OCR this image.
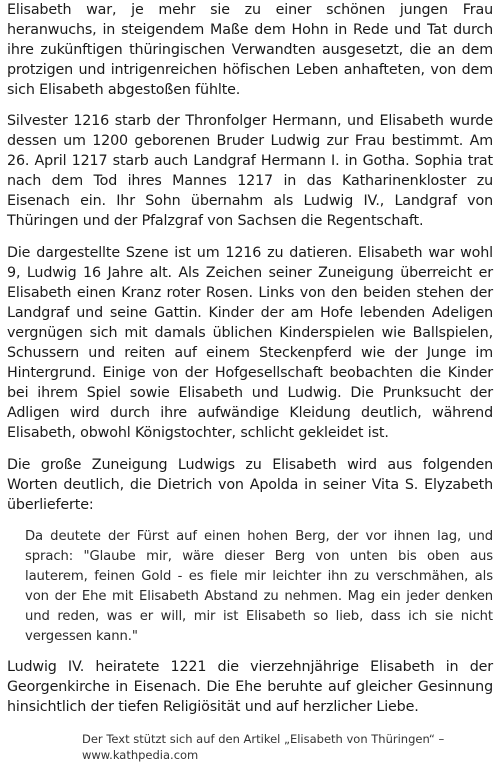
Elisabeth war, je mehr sie zu einer schönen jungen Frau heranwuchs, in steigendem Maße dem Hohn in Rede und Tat durch ihre zukünftigen thüringischen Verwandten ausgesetzt, die an dem protzigen und intrigenreichen höfischen Leben anhafteten, von dem sich Elisabeth abgestoßen fühlte.

Silvester 1216 starb der Thronfolger Hermann, und Elisabeth wurde dessen um 1200 geborenen Bruder Ludwig zur Frau bestimmt. Am 26. April 1217 starb auch Landgraf Hermann I. in Gotha. Sophia trat nach dem Tod ihres Mannes 1217 in das Katharinenkloster zu Eisenach ein. Ihr Sohn übernahm als Ludwig IV., Landgraf von Thüringen und der Pfalzgraf von Sachsen die Regentschaft.

Die dargestellte Szene ist um 1216 zu datieren. Elisabeth war wohl 9, Ludwig 16 Jahre alt. Als Zeichen seiner Zuneigung überreicht er Elisabeth einen Kranz roter Rosen. Links von den beiden stehen der Landgraf und seine Gattin. Kinder der am Hofe lebenden Adeligen vergnügen sich mit damals üblichen Kinderspielen wie Ballspielen, Schussern und reiten auf einem Steckenpferd wie der Junge im Hintergrund. Einige von der Hofgesellschaft beobachten die Kinder bei ihrem Spiel sowie Elisabeth und Ludwig. Die Prunksucht der Adligen wird durch ihre aufwändige Kleidung deutlich, während Elisabeth, obwohl Königstochter, schlicht gekleidet ist.

Die große Zuneigung Ludwigs zu Elisabeth wird aus folgenden Worten deutlich, die Dietrich von Apolda in seiner Vita S. Elyzabeth überlieferte:

Da deutete der Fürst auf einen hohen Berg, der vor ihnen lag, und sprach: "Glaube mir, wäre dieser Berg von unten bis oben aus lauterem, feinen Gold - es fiele mir leichter ihn zu verschmähen, als von der Ehe mit Elisabeth Abstand zu nehmen. Mag ein jeder denken und reden, was er will, mir ist Elisabeth so lieb, dass ich sie nicht vergessen kann."

Ludwig IV. heiratete 1221 die vierzehnjährige Elisabeth in der Georgenkirche in Eisenach. Die Ehe beruhte auf gleicher Gesinnung hinsichtlich der tiefen Religiösität und auf herzlicher Liebe.

Der Text stützt sich auf den Artikel „Elisabeth von Thüringen“ – www.kathpedia.com
